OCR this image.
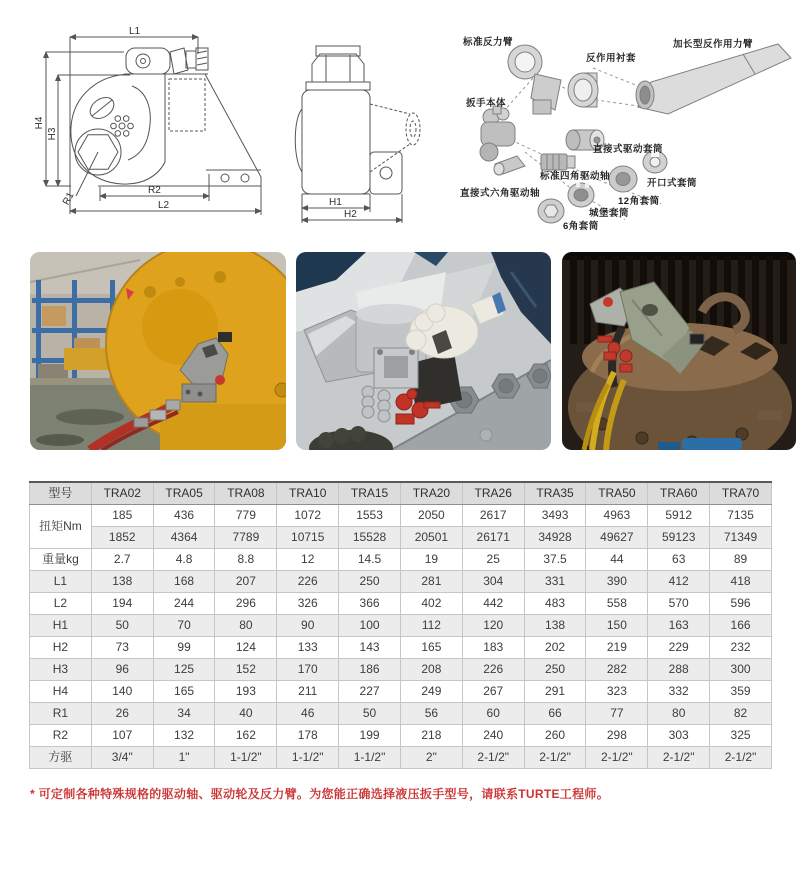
L1
H4
H3
R1
R2
L2	H1
H2
标准反力臂
反作用衬套
加长型反作用力臂
扳手本体
直接式驱动套筒
标准四角驱动轴
开口式套筒
直接式六角驱动轴
12角套筒
城堡套筒
6角套筒
型号	TRA02	TRA05	TRA08	TRA10	TRA15	TRA20	TRA26	TRA35	TRA50	TRA60	TRA70
扭矩Nm	185	436	779	1072	1553	2050	2617	3493	4963	5912	7135
	1852	4364	7789	10715	15528	20501	26171	34928	49627	59123	71349
重量kg	2.7	4.8	8.8	12	14.5	19	25	37.5	44	63	89
L1	138	168	207	226	250	281	304	331	390	412	418
L2	194	244	296	326	366	402	442	483	558	570	596
H1	50	70	80	90	100	112	120	138	150	163	166
H2	73	99	124	133	143	165	183	202	219	229	232
H3	96	125	152	170	186	208	226	250	282	288	300
H4	140	165	193	211	227	249	267	291	323	332	359
R1	26	34	40	46	50	56	60	66	77	80	82
R2	107	132	162	178	199	218	240	260	298	303	325
方驱	3/4"	1"	1-1/2"	1-1/2"	1-1/2"	2"	2-1/2"	2-1/2"	2-1/2"	2-1/2"	2-1/2"

* 可定制各种特殊规格的驱动轴、驱动轮及反力臂。为您能正确选择液压扳手型号，请联系TURTE工程师。
